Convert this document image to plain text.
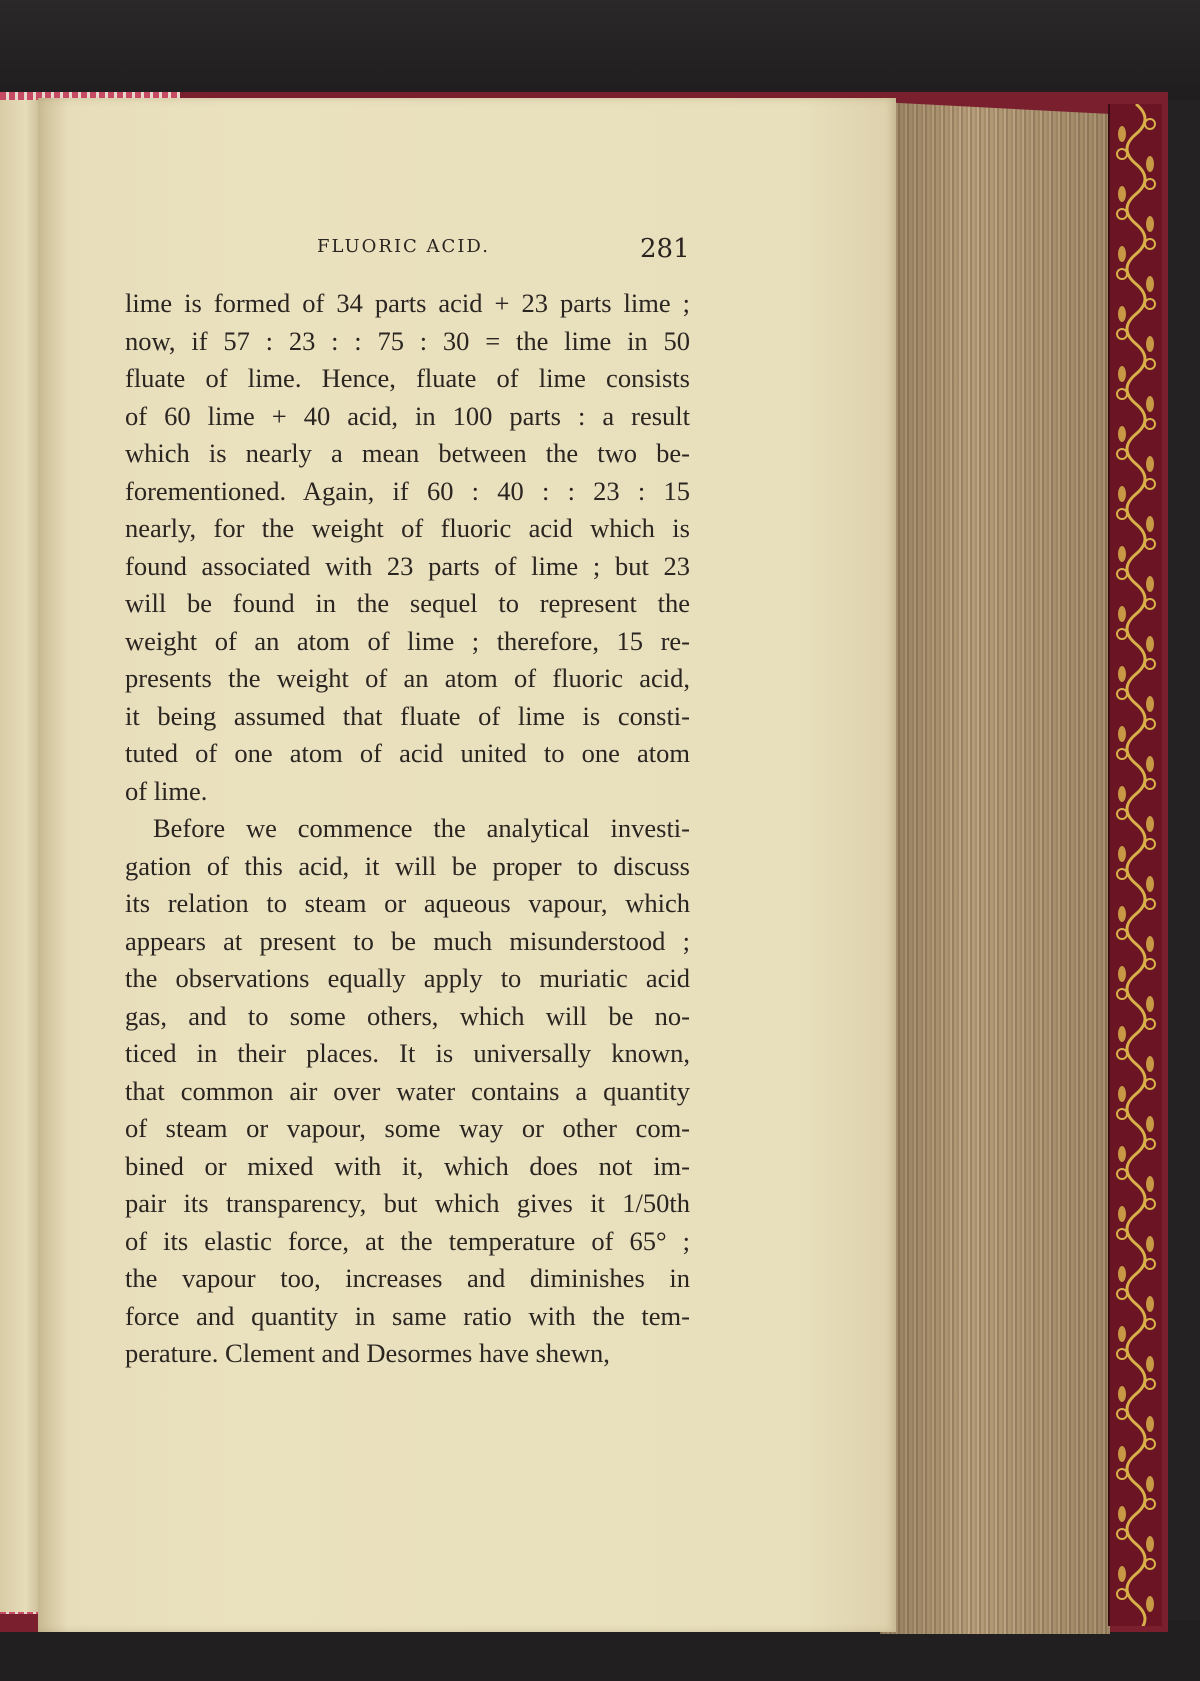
FLUORIC ACID.	281
lime is formed of 34 parts acid + 23 parts lime ;
now, if 57 : 23 : : 75 : 30 = the lime in 50
fluate of lime. Hence, fluate of lime consists
of 60 lime + 40 acid, in 100 parts : a result
which is nearly a mean between the two be-
forementioned. Again, if 60 : 40 : : 23 : 15
nearly, for the weight of fluoric acid which is
found associated with 23 parts of lime ; but 23
will be found in the sequel to represent the
weight of an atom of lime ; therefore, 15 re-
presents the weight of an atom of fluoric acid,
it being assumed that fluate of lime is consti-
tuted of one atom of acid united to one atom
of lime.
Before we commence the analytical investi-
gation of this acid, it will be proper to discuss
its relation to steam or aqueous vapour, which
appears at present to be much misunderstood ;
the observations equally apply to muriatic acid
gas, and to some others, which will be no-
ticed in their places. It is universally known,
that common air over water contains a quantity
of steam or vapour, some way or other com-
bined or mixed with it, which does not im-
pair its transparency, but which gives it 1/50th
of its elastic force, at the temperature of 65° ;
the vapour too, increases and diminishes in
force and quantity in same ratio with the tem-
perature. Clement and Desormes have shewn,
